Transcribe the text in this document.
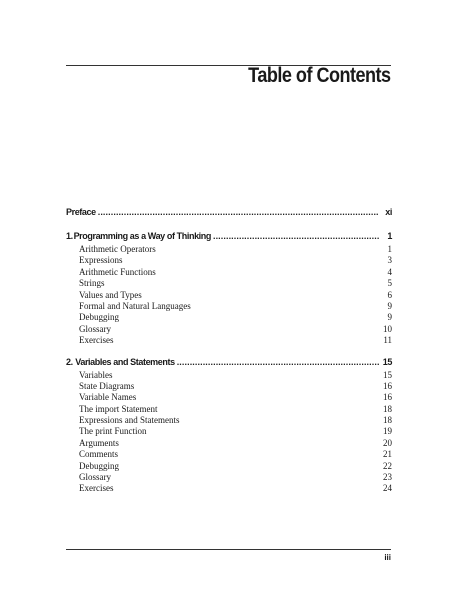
Table of Contents
Preface . . .	xi
1. Programming as a Way of Thinking . . .	1
Arithmetic Operators	1
Expressions	3
Arithmetic Functions	4
Strings	5
Values and Types	6
Formal and Natural Languages	9
Debugging	9
Glossary	10
Exercises	11
2. Variables and Statements . . .	15
Variables	15
State Diagrams	16
Variable Names	16
The import Statement	18
Expressions and Statements	18
The print Function	19
Arguments	20
Comments	21
Debugging	22
Glossary	23
Exercises	24
iii
